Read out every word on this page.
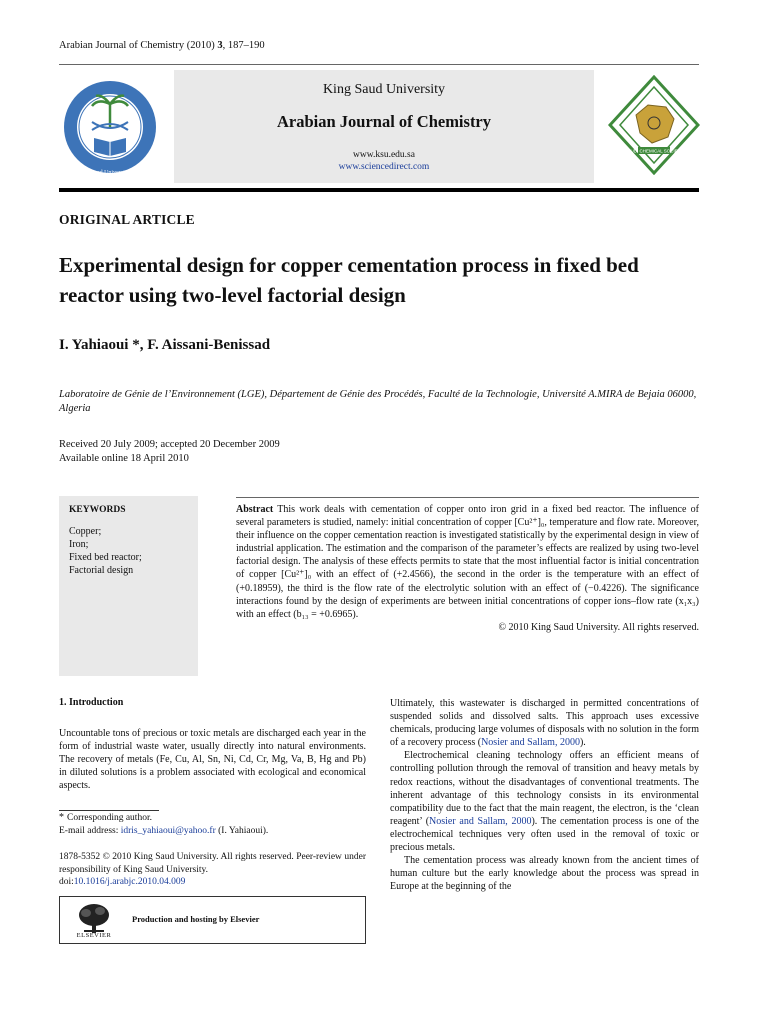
Arabian Journal of Chemistry (2010) 3, 187–190
King Saud University 1957
King Saud University
Arabian Journal of Chemistry
www.ksu.edu.sa
www.sciencedirect.com
SAUDI CHEMICAL SOCIETY
ORIGINAL ARTICLE
Experimental design for copper cementation process in fixed bed reactor using two-level factorial design
I. Yahiaoui *, F. Aissani-Benissad
Laboratoire de Génie de l’Environnement (LGE), Département de Génie des Procédés, Faculté de la Technologie, Université A.MIRA de Bejaia 06000, Algeria
Received 20 July 2009; accepted 20 December 2009
Available online 18 April 2010
KEYWORDS
Copper;
Iron;
Fixed bed reactor;
Factorial design

Abstract This work deals with cementation of copper onto iron grid in a fixed bed reactor. The influence of several parameters is studied, namely: initial concentration of copper [Cu²⁺]₀, temperature and flow rate. Moreover, their influence on the copper cementation reaction is investigated statistically by the experimental design in view of industrial application. The estimation and the comparison of the parameter’s effects are realized by using two-level factorial design. The analysis of these effects permits to state that the most influential factor is initial concentration of copper [Cu²⁺]₀ with an effect of (+2.4566), the second in the order is the temperature with an effect of (+0.18959), the third is the flow rate of the electrolytic solution with an effect of (−0.4226). The significance interactions found by the design of experiments are between initial concentrations of copper ions–flow rate (x₁x₃) with an effect (b₁₃ = +0.6965).

© 2010 King Saud University. All rights reserved.

1. Introduction

Uncountable tons of precious or toxic metals are discharged each year in the form of industrial waste water, usually directly into natural environments. The recovery of metals (Fe, Cu, Al, Sn, Ni, Cd, Cr, Mg, Va, B, Hg and Pb) in diluted solutions is a problem associated with ecological and economical aspects.

* Corresponding author.
E-mail address: idris_yahiaoui@yahoo.fr (I. Yahiaoui).
1878-5352 © 2010 King Saud University. All rights reserved. Peer-review under responsibility of King Saud University.
doi:10.1016/j.arabjc.2010.04.009
ELSEVIER
Production and hosting by Elsevier

Ultimately, this wastewater is discharged in permitted concentrations of suspended solids and dissolved salts. This approach uses excessive chemicals, producing large volumes of disposals with no solution in the form of a recovery process (Nosier and Sallam, 2000).

Electrochemical cleaning technology offers an efficient means of controlling pollution through the removal of transition and heavy metals by redox reactions, without the disadvantages of conventional treatments. The inherent advantage of this technology consists in its environmental compatibility due to the fact that the main reagent, the electron, is the ‘clean reagent’ (Nosier and Sallam, 2000). The cementation process is one of the electrochemical techniques very often used in the removal of toxic or precious metals.

The cementation process was already known from the ancient times of human culture but the early knowledge about the process was spread in Europe at the beginning of the
